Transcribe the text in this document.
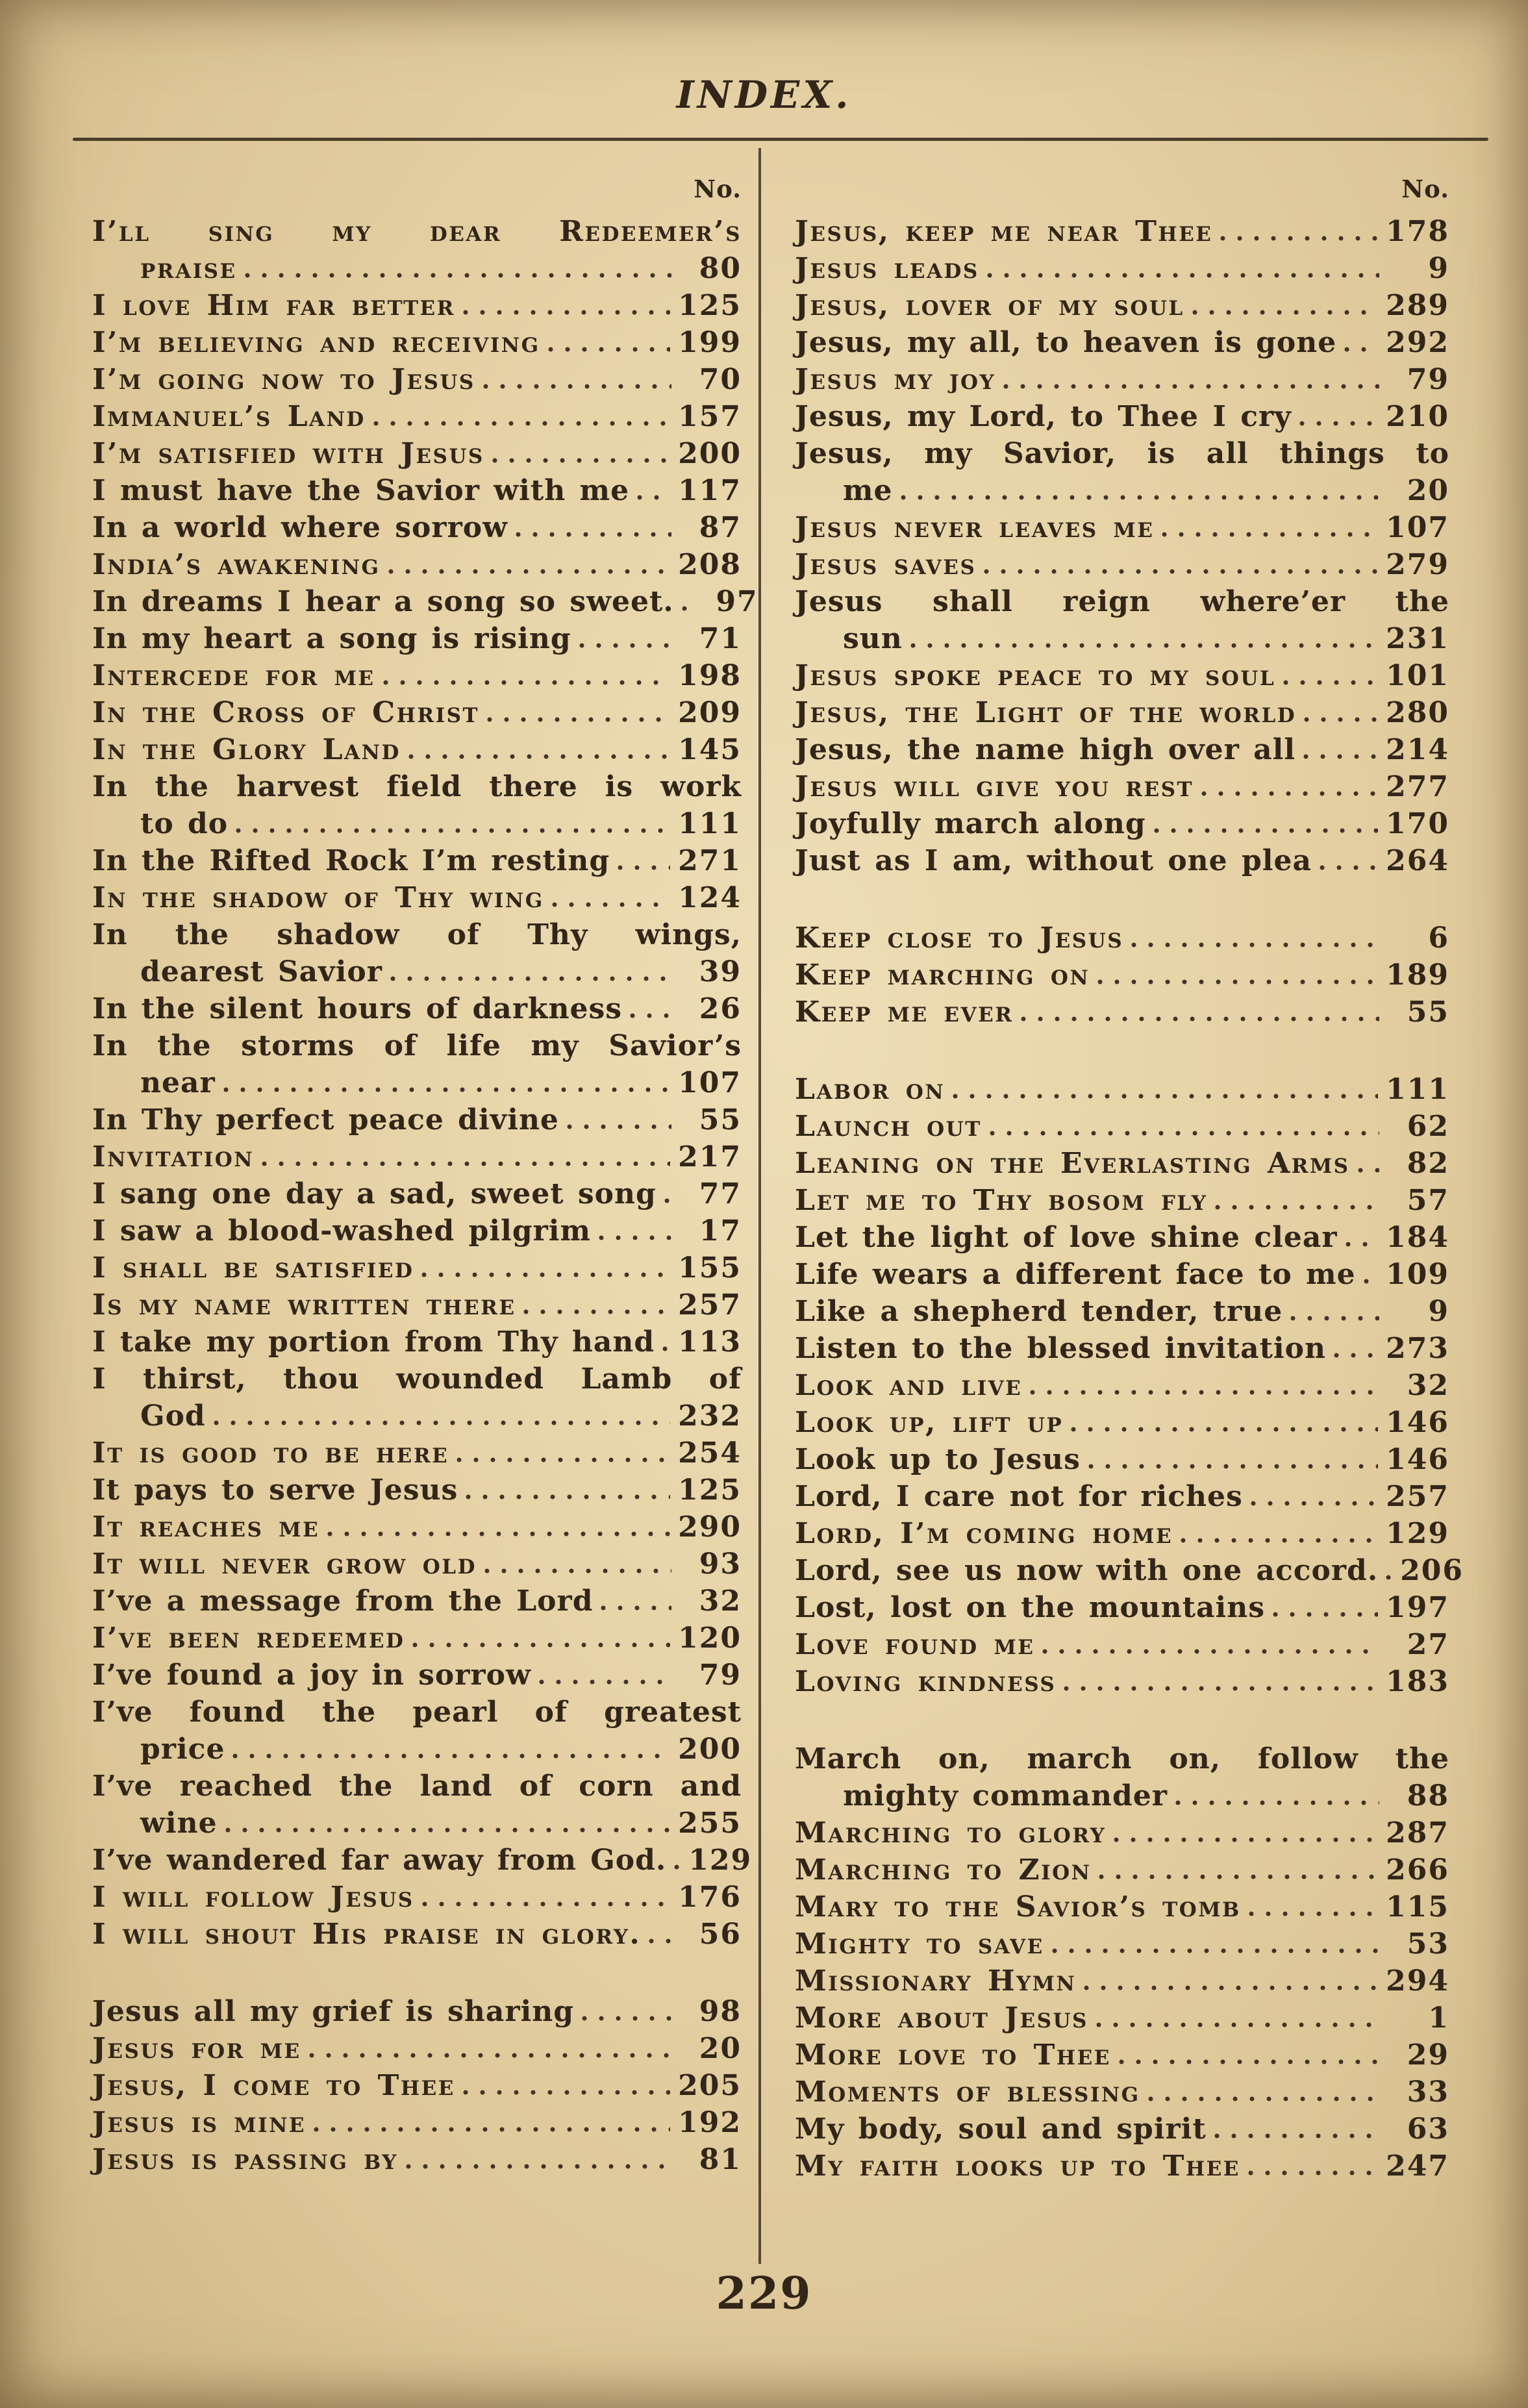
INDEX.
No.
I’ll sing my dear Redeemer’s
praise	80
I love Him far better	125
I’m believing and receiving	199
I’m going now to Jesus	70
Immanuel’s Land	157
I’m satisfied with Jesus	200
I must have the Savior with me 117
In a world where sorrow	87
India’s awakening	208
In dreams I hear a song so sweet.	97
In my heart a song is rising	71
Intercede for me	198
In the Cross of Christ	209
In the Glory Land	145
In the harvest field there is work
to do	111
In the Rifted Rock I’m resting 271
In the shadow of Thy wing	124
In the shadow of Thy wings,
dearest Savior	39
In the silent hours of darkness	26
In the storms of life my Savior’s
near	107
In Thy perfect peace divine	55
Invitation	217
I sang one day a sad, sweet song	77
I saw a blood-washed pilgrim	17
I shall be satisfied	155
Is my name written there	257
I take my portion from Thy hand 113
I thirst, thou wounded Lamb of
God	232
It is good to be here	254
It pays to serve Jesus	125
It reaches me	290
It will never grow old	93
I’ve a message from the Lord	32
I’ve been redeemed	120
I’ve found a joy in sorrow	79
I’ve found the pearl of greatest
price	200
I’ve reached the land of corn and
wine	255
I’ve wandered far away from God. 129
I will follow Jesus	176
I will shout His praise in glory.	56
Jesus all my grief is sharing	98
Jesus for me	20
Jesus, I come to Thee	205
Jesus is mine	192
Jesus is passing by	81
No.
Jesus, keep me near Thee	178
Jesus leads	9
Jesus, lover of my soul	289
Jesus, my all, to heaven is gone 292
Jesus my joy	79
Jesus, my Lord, to Thee I cry	210
Jesus, my Savior, is all things to
me	20
Jesus never leaves me	107
Jesus saves	279
Jesus shall reign where’er the
sun	231
Jesus spoke peace to my soul	101
Jesus, the Light of the world	280
Jesus, the name high over all	214
Jesus will give you rest	277
Joyfully march along	170
Just as I am, without one plea	264
Keep close to Jesus	6
Keep marching on	189
Keep me ever	55
Labor on	111
Launch out	62
Leaning on the Everlasting Arms	82
Let me to Thy bosom fly	57
Let the light of love shine clear 184
Life wears a different face to me 109
Like a shepherd tender, true	9
Listen to the blessed invitation 273
Look and live	32
Look up, lift up	146
Look up to Jesus	146
Lord, I care not for riches	257
Lord, I’m coming home	129
Lord, see us now with one accord. 206
Lost, lost on the mountains	197
Love found me	27
Loving kindness	183
March on, march on, follow the
mighty commander	88
Marching to glory	287
Marching to Zion	266
Mary to the Savior’s tomb	115
Mighty to save	53
Missionary Hymn	294
More about Jesus	1
More love to Thee	29
Moments of blessing	33
My body, soul and spirit	63
My faith looks up to Thee	247
229
